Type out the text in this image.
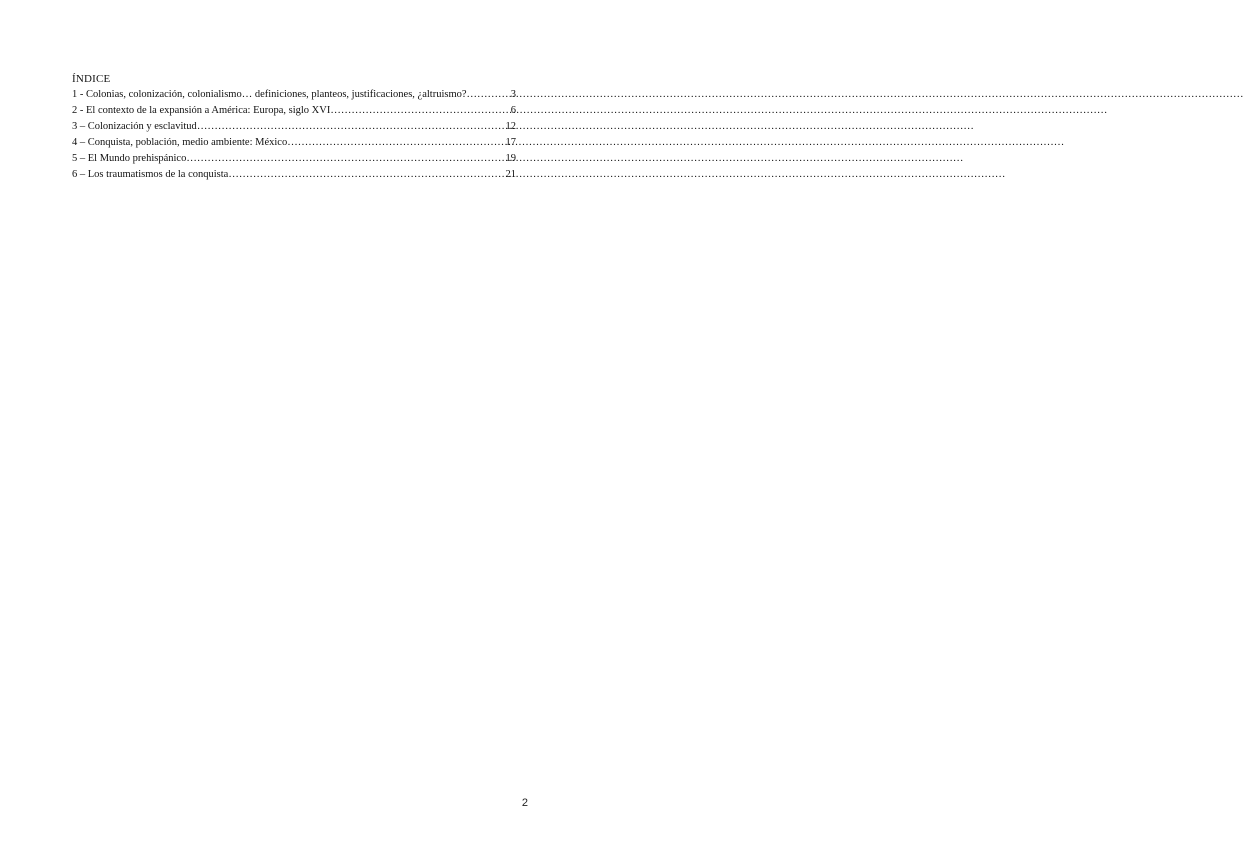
ÍNDICE
1 - Colonias, colonización, colonialismo… definiciones, planteos, justificaciones, ¿altruismo? ……………………………………………………………………………………………………………………………………………………………………………………………………	3
2 - El contexto de la expansión a América: Europa, siglo XVI ……………………………………………………………………………………………………………………………………………………………………………………………………	6
3 – Colonización y esclavitud ……………………………………………………………………………………………………………………………………………………………………………………………………	12
4 – Conquista, población, medio ambiente: México ……………………………………………………………………………………………………………………………………………………………………………………………………	17
5 – El Mundo prehispánico ……………………………………………………………………………………………………………………………………………………………………………………………………	19
6 – Los traumatismos de la conquista ……………………………………………………………………………………………………………………………………………………………………………………………………	21
2
